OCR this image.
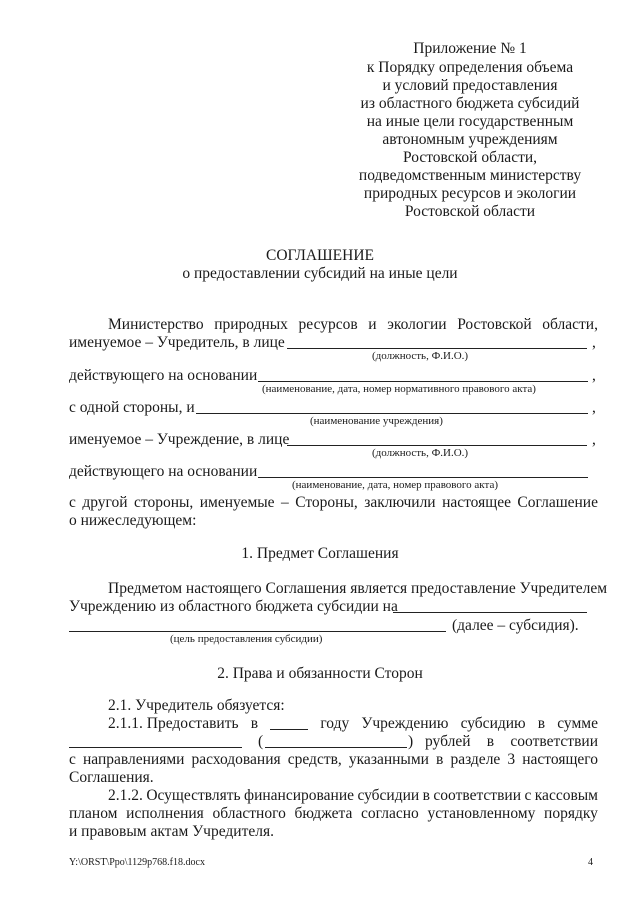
Приложение № 1
к Порядку определения объема
и условий предоставления
из областного бюджета субсидий
на иные цели государственным
автономным учреждениям
Ростовской области,
подведомственным министерству
природных ресурсов и экологии
Ростовской области
СОГЛАШЕНИЕ
о предоставлении субсидий на иные цели
Министерство природных ресурсов и экологии Ростовской области,
именуемое – Учредитель, в лице	,
(должность, Ф.И.О.)
действующего на основании	,
(наименование, дата, номер нормативного правового акта)
с одной стороны, и	,
(наименование учреждения)
именуемое – Учреждение, в лице	,
(должность, Ф.И.О.)
действующего на основании
(наименование, дата, номер правового акта)
с другой стороны, именуемые – Стороны, заключили настоящее Соглашение
о нижеследующем:
1. Предмет Соглашения
Предметом настоящего Соглашения является предоставление Учредителем
Учреждению из областного бюджета субсидии на
(далее – субсидия).
(цель предоставления субсидии)
2. Права и обязанности Сторон
2.1. Учредитель обязуется:
2.1.1. Предоставить в	году Учреждению субсидию в сумме
(	) рублей в соответствии
с направлениями расходования средств, указанными в разделе 3 настоящего
Соглашения.
2.1.2. Осуществлять финансирование субсидии в соответствии с кассовым
планом исполнения областного бюджета согласно установленному порядку
и правовым актам Учредителя.
Y:\ORST\Ppo\1129p768.f18.docx	4
